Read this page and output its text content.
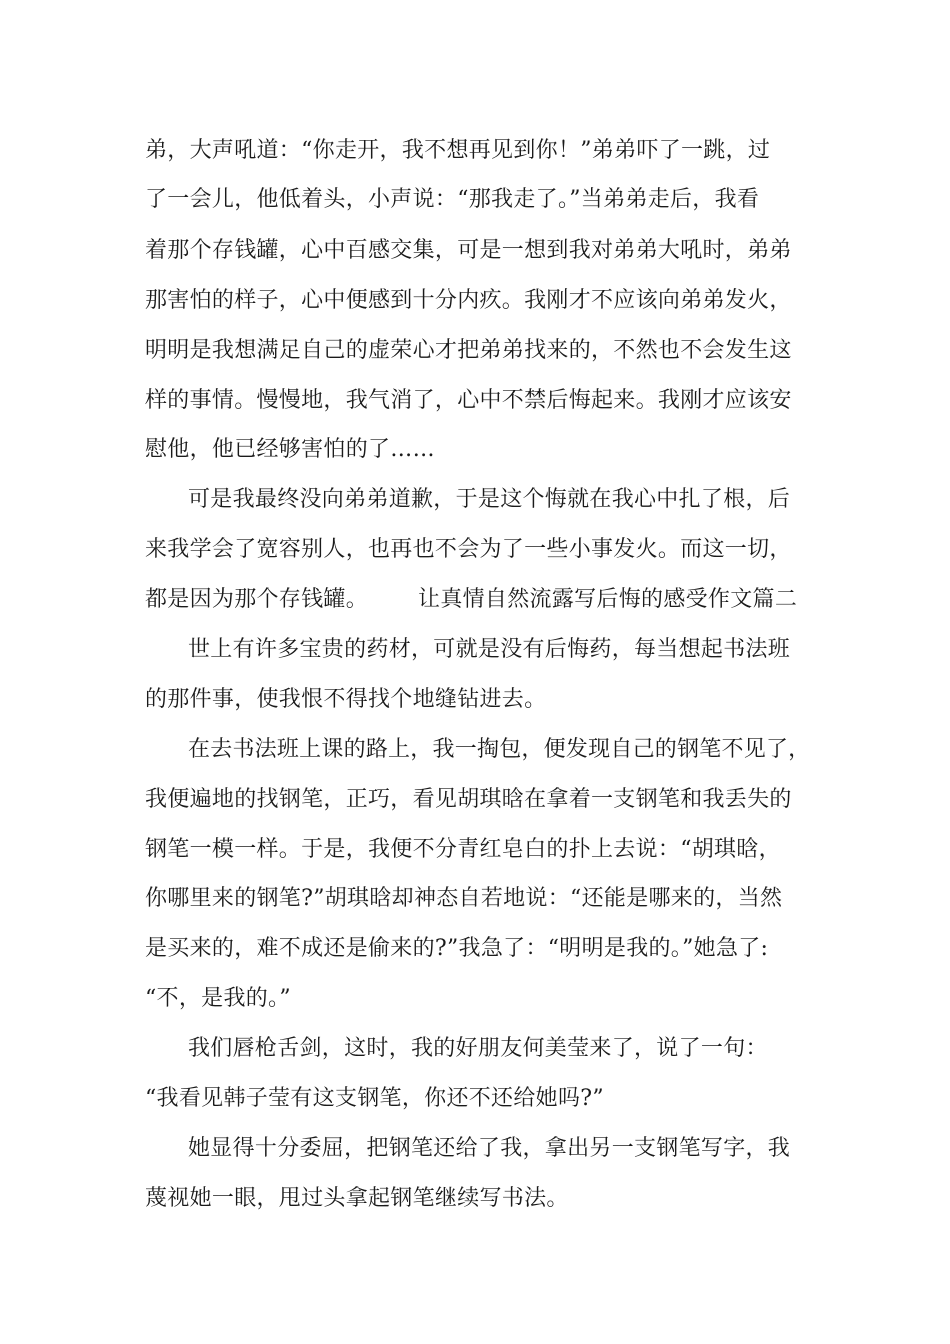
弟，大声吼道：“你走开，我不想再见到你！”弟弟吓了一跳，过
了一会儿，他低着头，小声说：“那我走了。”当弟弟走后，我看
着那个存钱罐，心中百感交集，可是一想到我对弟弟大吼时，弟弟
那害怕的样子，心中便感到十分内疚。我刚才不应该向弟弟发火，
明明是我想满足自己的虚荣心才把弟弟找来的，不然也不会发生这
样的事情。慢慢地，我气消了，心中不禁后悔起来。我刚才应该安
慰他，他已经够害怕的了……
可是我最终没向弟弟道歉，于是这个悔就在我心中扎了根，后
来我学会了宽容别人，也再也不会为了一些小事发火。而这一切，
都是因为那个存钱罐。 让真情自然流露写后悔的感受作文篇二
世上有许多宝贵的药材，可就是没有后悔药，每当想起书法班
的那件事，使我恨不得找个地缝钻进去。
在去书法班上课的路上，我一掏包，便发现自己的钢笔不见了，
我便遍地的找钢笔，正巧，看见胡琪晗在拿着一支钢笔和我丢失的
钢笔一模一样。于是，我便不分青红皂白的扑上去说：“胡琪晗，
你哪里来的钢笔?”胡琪晗却神态自若地说：“还能是哪来的，当然
是买来的，难不成还是偷来的?”我急了：“明明是我的。”她急了:
“不，是我的。”
我们唇枪舌剑，这时，我的好朋友何美莹来了，说了一句：
“我看见韩子莹有这支钢笔，你还不还给她吗?”
她显得十分委屈，把钢笔还给了我，拿出另一支钢笔写字，我
蔑视她一眼，甩过头拿起钢笔继续写书法。
